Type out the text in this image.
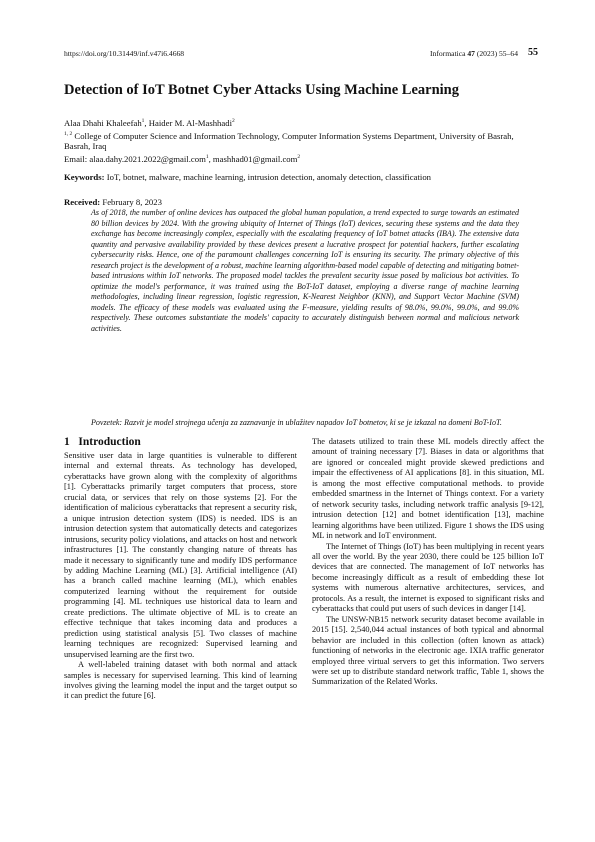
https://doi.org/10.31449/inf.v47i6.4668	Informatica 47 (2023) 55–64 55
Detection of IoT Botnet Cyber Attacks Using Machine Learning
Alaa Dhahi Khaleefah$^1$, Haider M. Al-Mashhadi$^2$
$^{1, 2}$ College of Computer Science and Information Technology, Computer Information Systems Department, University of Basrah, Basrah, Iraq
Email: alaa.dahy.2021.2022@gmail.com$^1$, mashhad01@gmail.com$^2$
Keywords: IoT, botnet, malware, machine learning, intrusion detection, anomaly detection, classification
Received: February 8, 2023
As of 2018, the number of online devices has outpaced the global human population, a trend expected to surge towards an estimated 80 billion devices by 2024. With the growing ubiquity of Internet of Things (IoT) devices, securing these systems and the data they exchange has become increasingly complex, especially with the escalating frequency of IoT botnet attacks (IBA). The extensive data quantity and pervasive availability provided by these devices present a lucrative prospect for potential hackers, further escalating cybersecurity risks. Hence, one of the paramount challenges concerning IoT is ensuring its security. The primary objective of this research project is the development of a robust, machine learning algorithm-based model capable of detecting and mitigating botnet-based intrusions within IoT networks. The proposed model tackles the prevalent security issue posed by malicious bot activities. To optimize the model's performance, it was trained using the BoT-IoT dataset, employing a diverse range of machine learning methodologies, including linear regression, logistic regression, K-Nearest Neighbor (KNN), and Support Vector Machine (SVM) models. The efficacy of these models was evaluated using the F-measure, yielding results of 98.0%, 99.0%, 99.0%, and 99.0% respectively. These outcomes substantiate the models' capacity to accurately distinguish between normal and malicious network activities.
Povzetek: Razvit je model strojnega učenja za zaznavanje in ublažitev napadov IoT botnetov, ki se je izkazal na domeni BoT-IoT.
1 Introduction

Sensitive user data in large quantities is vulnerable to different internal and external threats. As technology has developed, cyberattacks have grown along with the complexity of algorithms [1]. Cyberattacks primarily target computers that process, store crucial data, or services that rely on those systems [2]. For the identification of malicious cyberattacks that represent a security risk, a unique intrusion detection system (IDS) is needed. IDS is an intrusion detection system that automatically detects and categorizes intrusions, security policy violations, and attacks on host and network infrastructures [1]. The constantly changing nature of threats has made it necessary to significantly tune and modify IDS performance by adding Machine Learning (ML) [3]. Artificial intelligence (AI) has a branch called machine learning (ML), which enables computerized learning without the requirement for outside programming [4]. ML techniques use historical data to learn and create predictions. The ultimate objective of ML is to create an effective technique that takes incoming data and produces a prediction using statistical analysis [5]. Two classes of machine learning techniques are recognized: Supervised learning and unsupervised learning are the first two.

A well-labeled training dataset with both normal and attack samples is necessary for supervised learning. This kind of learning involves giving the learning model the input and the target output so it can predict the future [6].

The datasets utilized to train these ML models directly affect the amount of training necessary [7]. Biases in data or algorithms that are ignored or concealed might provide skewed predictions and impair the effectiveness of AI applications [8]. in this situation, ML is among the most effective computational methods. to provide embedded smartness in the Internet of Things context. For a variety of network security tasks, including network traffic analysis [9-12], intrusion detection [12] and botnet identification [13], machine learning algorithms have been utilized. Figure 1 shows the IDS using ML in network and IoT environment.

The Internet of Things (IoT) has been multiplying in recent years all over the world. By the year 2030, there could be 125 billion IoT devices that are connected. The management of IoT networks has become increasingly difficult as a result of embedding these Iot systems with numerous alternative architectures, services, and protocols. As a result, the internet is exposed to significant risks and cyberattacks that could put users of such devices in danger [14].

The UNSW-NB15 network security dataset become available in 2015 [15]. 2,540,044 actual instances of both typical and abnormal behavior are included in this collection (often known as attack) functioning of networks in the electronic age. IXIA traffic generator employed three virtual servers to get this information. Two servers were set up to distribute standard network traffic, Table 1, shows the Summarization of the Related Works.
